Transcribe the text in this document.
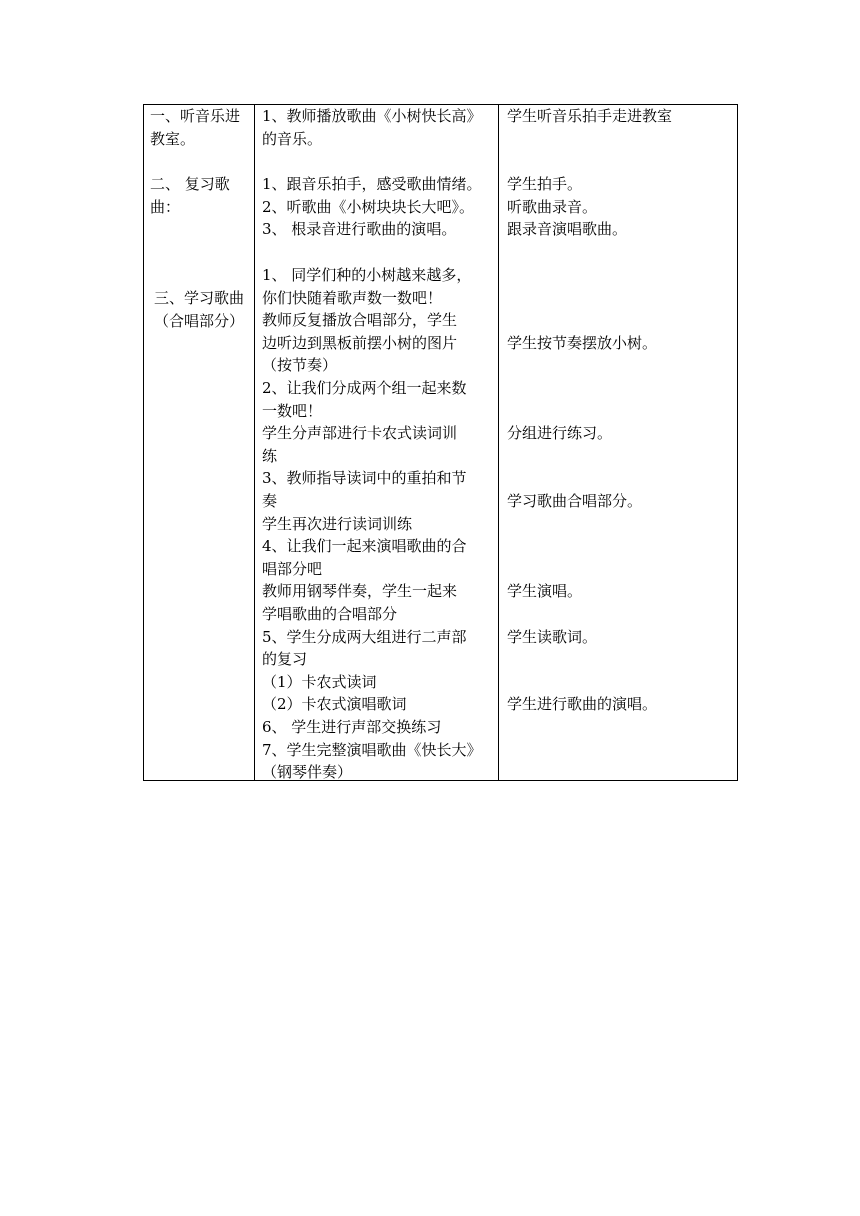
一、听音乐进
教室。
1、教师播放歌曲《小树快长高》
的音乐。
学生听音乐拍手走进教室
二、 复习歌
曲：
1、跟音乐拍手，感受歌曲情绪。
2、听歌曲《小树块块长大吧》。
3、 根录音进行歌曲的演唱。
学生拍手。
听歌曲录音。
跟录音演唱歌曲。
三、学习歌曲
（合唱部分）
1、 同学们种的小树越来越多，
你们快随着歌声数一数吧！
教师反复播放合唱部分，学生
边听边到黑板前摆小树的图片
（按节奏）
2、让我们分成两个组一起来数
一数吧！
学生分声部进行卡农式读词训
练
3、教师指导读词中的重拍和节
奏
学生再次进行读词训练
4、让我们一起来演唱歌曲的合
唱部分吧
教师用钢琴伴奏，学生一起来
学唱歌曲的合唱部分
5、学生分成两大组进行二声部
的复习
（1）卡农式读词
（2）卡农式演唱歌词
6、 学生进行声部交换练习
7、学生完整演唱歌曲《快长大》
（钢琴伴奏）
学生按节奏摆放小树。
分组进行练习。
学习歌曲合唱部分。
学生演唱。
学生读歌词。
学生进行歌曲的演唱。
